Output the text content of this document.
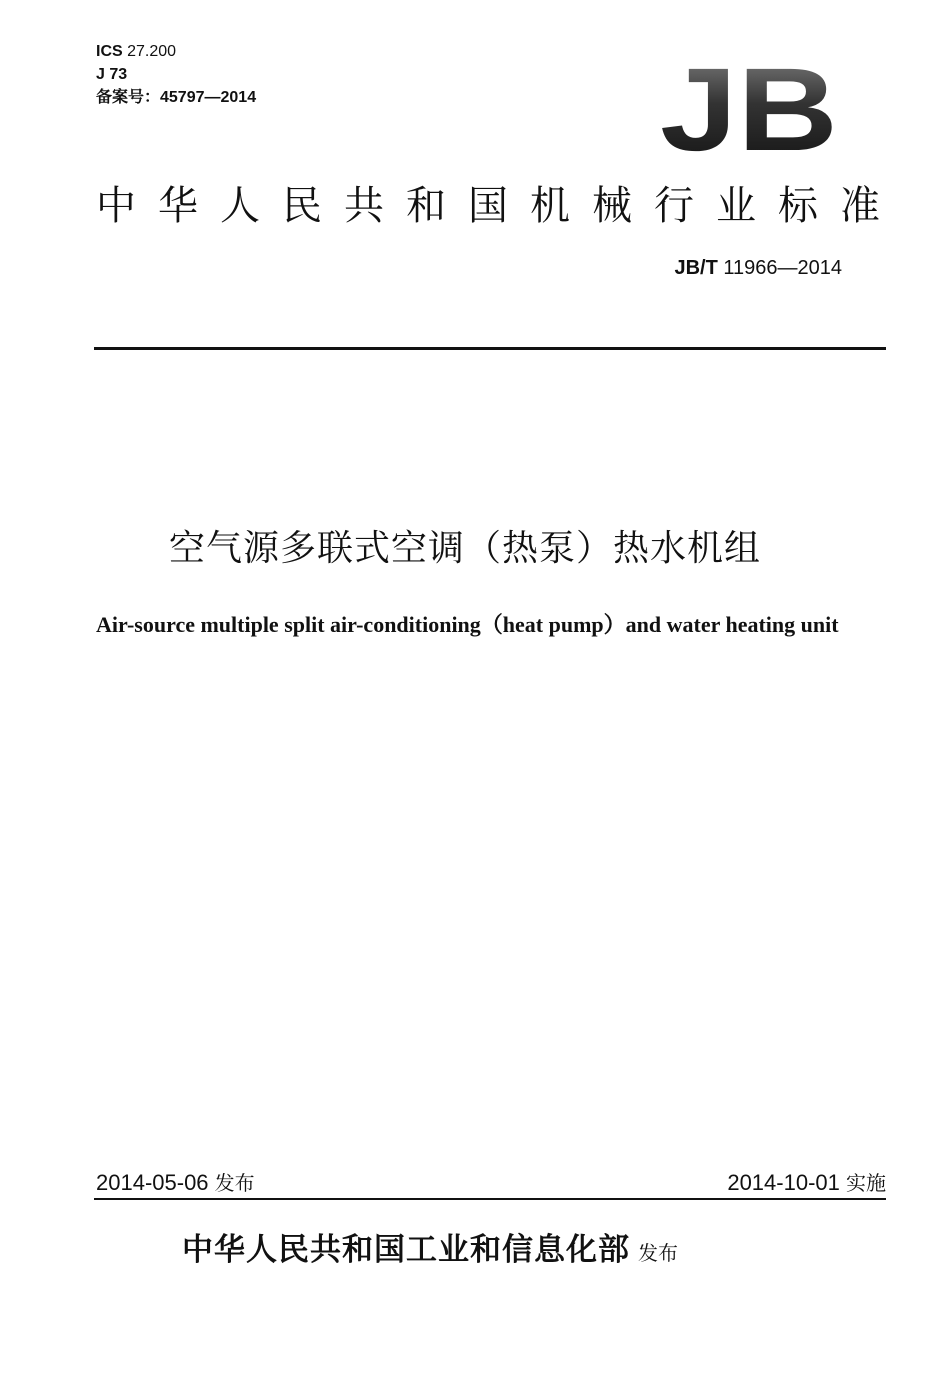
ICS 27.200
J 73
备案号：45797—2014	JB
中华人民共和国机械行业标准
JB/T 11966—2014
空气源多联式空调（热泵）热水机组
Air-source multiple split air-conditioning（heat pump）and water heating unit
2014-05-06 发布	2014-10-01 实施
中华人民共和国工业和信息化部 发布
